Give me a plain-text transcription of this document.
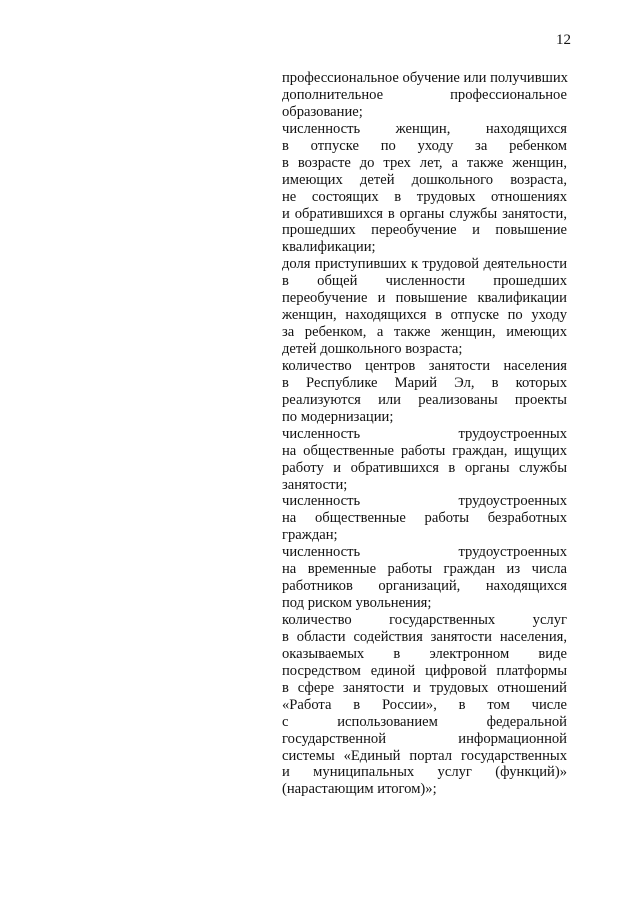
12
профессиональное обучение или получивших
дополнительное профессиональное
образование;
численность женщин, находящихся
в отпуске по уходу за ребенком
в возрасте до трех лет, а также женщин,
имеющих детей дошкольного возраста,
не состоящих в трудовых отношениях
и обратившихся в органы службы занятости,
прошедших переобучение и повышение
квалификации;
доля приступивших к трудовой деятельности
в общей численности прошедших
переобучение и повышение квалификации
женщин, находящихся в отпуске по уходу
за ребенком, а также женщин, имеющих
детей дошкольного возраста;
количество центров занятости населения
в Республике Марий Эл, в которых
реализуются или реализованы проекты
по модернизации;
численность трудоустроенных
на общественные работы граждан, ищущих
работу и обратившихся в органы службы
занятости;
численность трудоустроенных
на общественные работы безработных
граждан;
численность трудоустроенных
на временные работы граждан из числа
работников организаций, находящихся
под риском увольнения;
количество государственных услуг
в области содействия занятости населения,
оказываемых в электронном виде
посредством единой цифровой платформы
в сфере занятости и трудовых отношений
«Работа в России», в том числе
с использованием федеральной
государственной информационной
системы «Единый портал государственных
и муниципальных услуг (функций)»
(нарастающим итогом)»;
